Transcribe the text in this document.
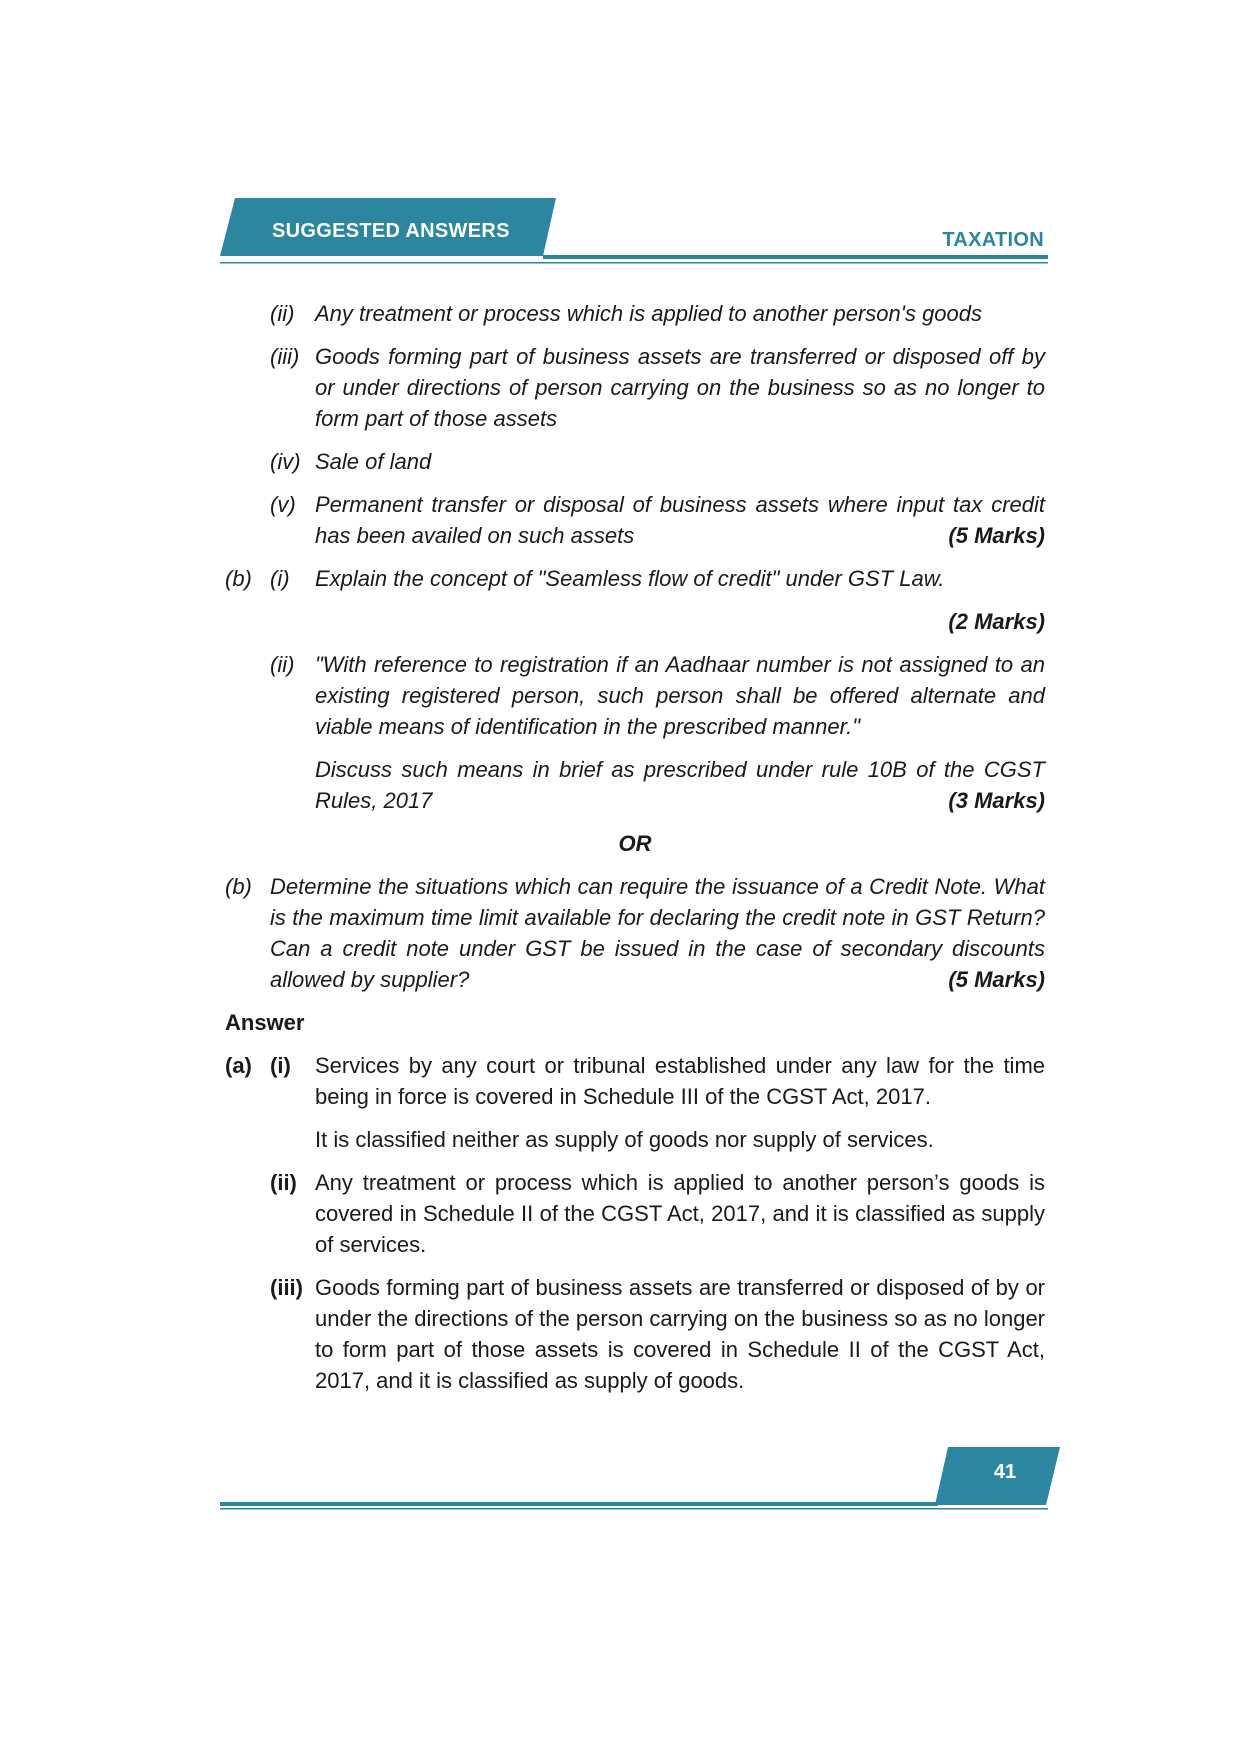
SUGGESTED ANSWERS	TAXATION
(ii) Any treatment or process which is applied to another person's goods
(iii) Goods forming part of business assets are transferred or disposed off by or under directions of person carrying on the business so as no longer to form part of those assets
(iv) Sale of land
(v) Permanent transfer or disposal of business assets where input tax credit has been availed on such assets	(5 Marks)
(b) (i)	Explain the concept of "Seamless flow of credit" under GST Law.
(2 Marks)
(ii) "With reference to registration if an Aadhaar number is not assigned to an existing registered person, such person shall be offered alternate and viable means of identification in the prescribed manner."
Discuss such means in brief as prescribed under rule 10B of the CGST Rules, 2017	(3 Marks)
OR
(b) Determine the situations which can require the issuance of a Credit Note. What is the maximum time limit available for declaring the credit note in GST Return? Can a credit note under GST be issued in the case of secondary discounts allowed by supplier?	(5 Marks)
Answer
(a) (i)	Services by any court or tribunal established under any law for the time being in force is covered in Schedule III of the CGST Act, 2017.
It is classified neither as supply of goods nor supply of services.
(ii) Any treatment or process which is applied to another person’s goods is covered in Schedule II of the CGST Act, 2017, and it is classified as supply of services.
(iii) Goods forming part of business assets are transferred or disposed of by or under the directions of the person carrying on the business so as no longer to form part of those assets is covered in Schedule II of the CGST Act, 2017, and it is classified as supply of goods.
41
